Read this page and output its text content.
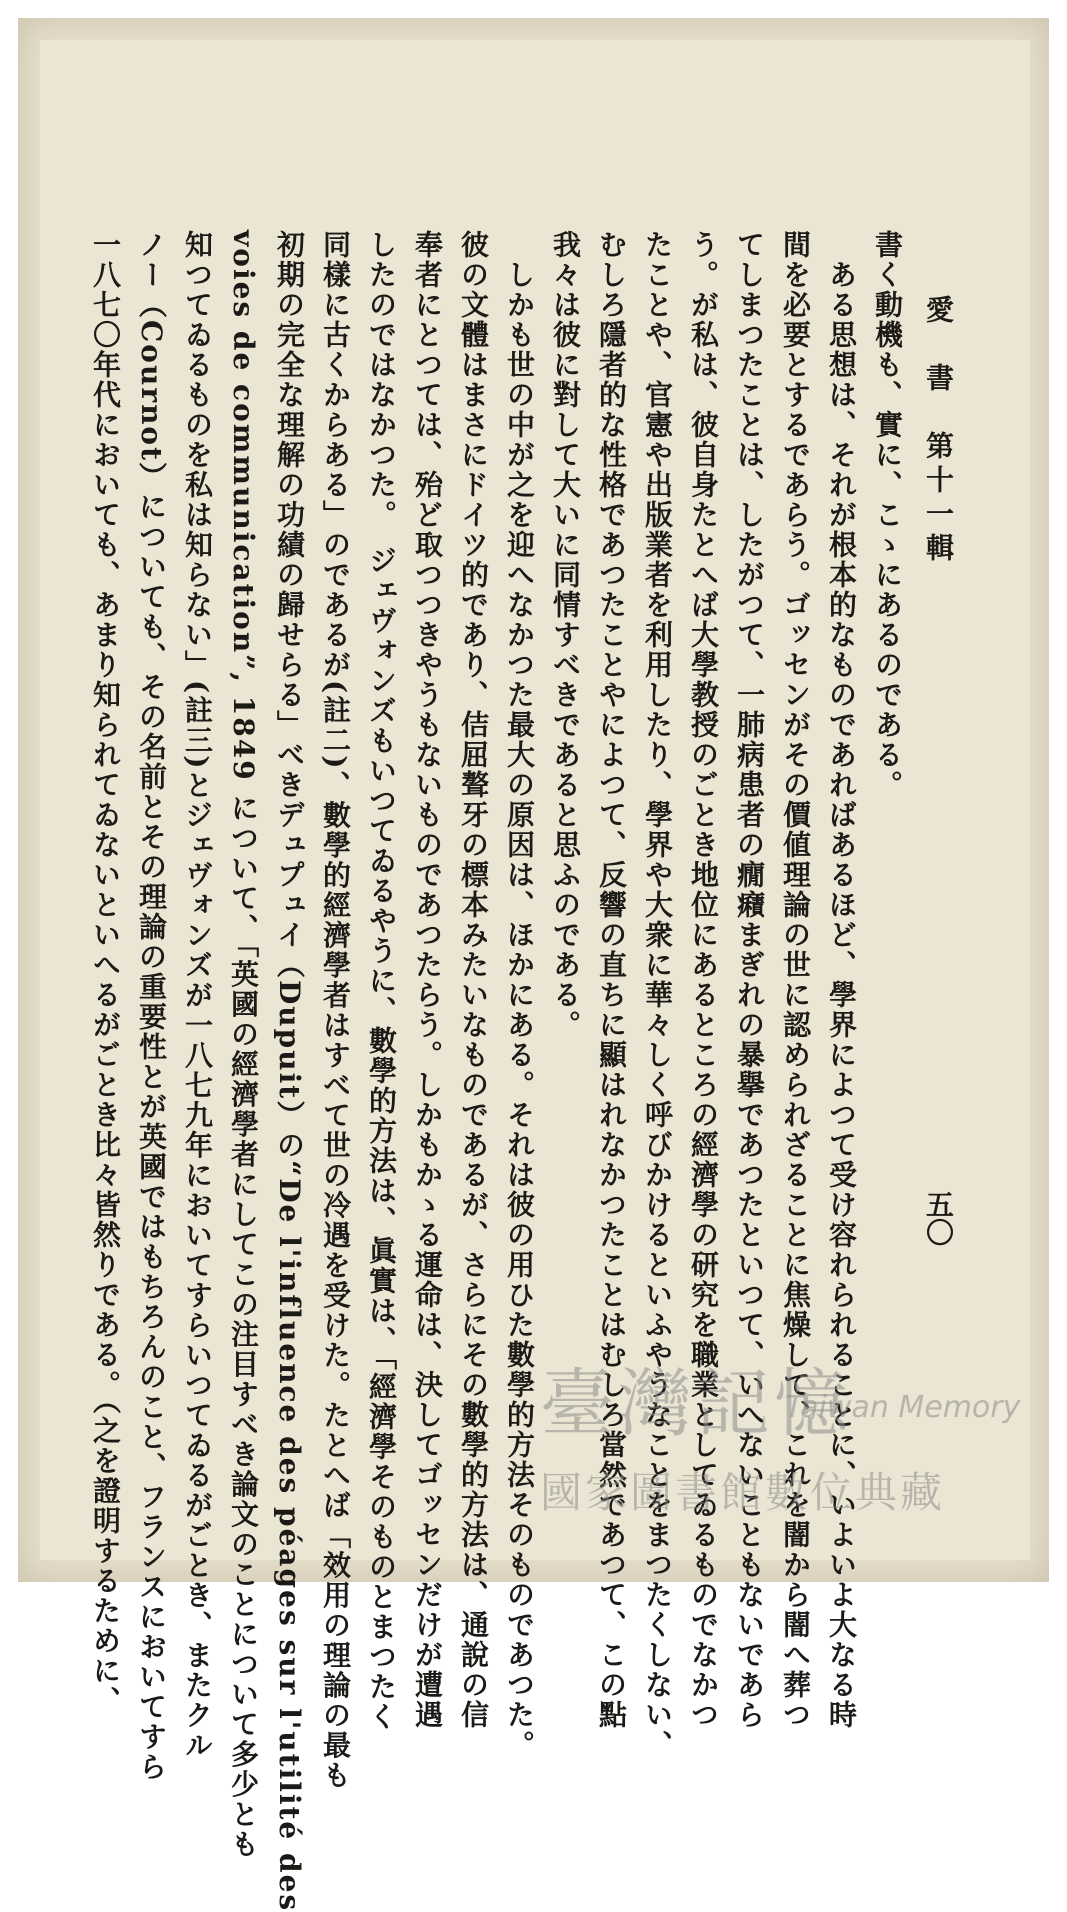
愛　書　第十一輯
五〇
書く動機も、實に、こゝにあるのである。
　ある思想は、それが根本的なものであればあるほど、學界によつて受け容れられることに、いよいよ大なる時
間を必要とするであらう。ゴッセンがその價値理論の世に認められざることに焦燥して、これを闇から闇へ葬つ
てしまつたことは、したがつて、一肺病患者の癇癪まぎれの暴擧であつたといつて、いへないこともないであら
う。が私は、彼自身たとへば大學教授のごとき地位にあるところの經濟學の研究を職業としてゐるものでなかつ
たことや、官憲や出版業者を利用したり、學界や大衆に華々しく呼びかけるといふやうなことをまつたくしない、
むしろ隱者的な性格であつたことやによつて、反響の直ちに顯はれなかつたことはむしろ當然であつて、この點
我々は彼に對して大いに同情すべきであると思ふのである。
　しかも世の中が之を迎へなかつた最大の原因は、ほかにある。それは彼の用ひた數學的方法そのものであつた。
彼の文體はまさにドイツ的であり、佶屈聱牙の標本みたいなものであるが、さらにその數學的方法は、通說の信
奉者にとつては、殆ど取つつきやうもないものであつたらう。しかもかゝる運命は、決してゴッセンだけが遭遇
したのではなかつた。　ジェヴォンズもいつてゐるやうに、數學的方法は、眞實は、「經濟學そのものとまつたく
同樣に古くからある」のであるが(註二)、數學的經濟學者はすべて世の冷遇を受けた。たとへば「效用の理論の最も
初期の完全な理解の功績の歸せらる」べきデュプュイ（Dupuit）の“De l'influence des péages sur l'utilité des
voies de communication”, 1849 について、「英國の經濟學者にしてこの注目すべき論文のことについて多少とも
知つてゐるものを私は知らない」(註三)とジェヴォンズが一八七九年においてすらいつてゐるがごとき、またクル
ノー（Cournot）についても、その名前とその理論の重要性とが英國ではもちろんのこと、フランスにおいてすら
一八七〇年代においても、あまり知られてゐないといへるがごとき比々皆然りである。（之を證明するために、	臺灣記憶
Taiwan Memory
國家圖書館數位典藏
